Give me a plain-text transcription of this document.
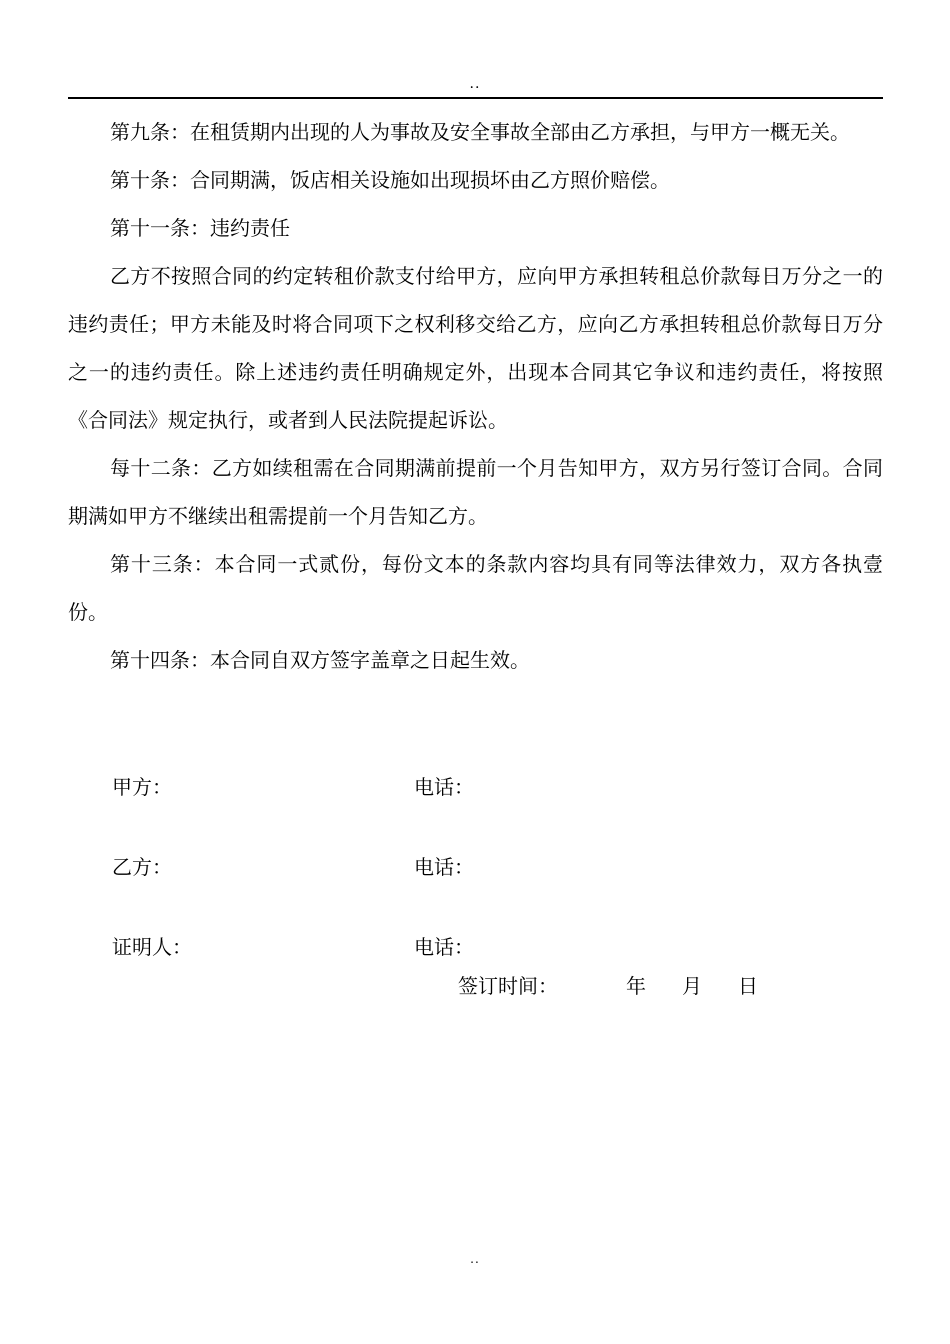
..

第九条：在租赁期内出现的人为事故及安全事故全部由乙方承担，与甲方一概无关。

第十条：合同期满，饭店相关设施如出现损坏由乙方照价赔偿。

第十一条：违约责任

乙方不按照合同的约定转租价款支付给甲方，应向甲方承担转租总价款每日万分之一的违约责任；甲方未能及时将合同项下之权利移交给乙方，应向乙方承担转租总价款每日万分之一的违约责任。除上述违约责任明确规定外，出现本合同其它争议和违约责任，将按照《合同法》规定执行，或者到人民法院提起诉讼。

每十二条：乙方如续租需在合同期满前提前一个月告知甲方，双方另行签订合同。合同期满如甲方不继续出租需提前一个月告知乙方。

第十三条：本合同一式贰份，每份文本的条款内容均具有同等法律效力，双方各执壹份。

第十四条：本合同自双方签字盖章之日起生效。

甲方：	电话：
乙方：	电话：
证明人：	电话：
签订时间：	年 月 日
..
